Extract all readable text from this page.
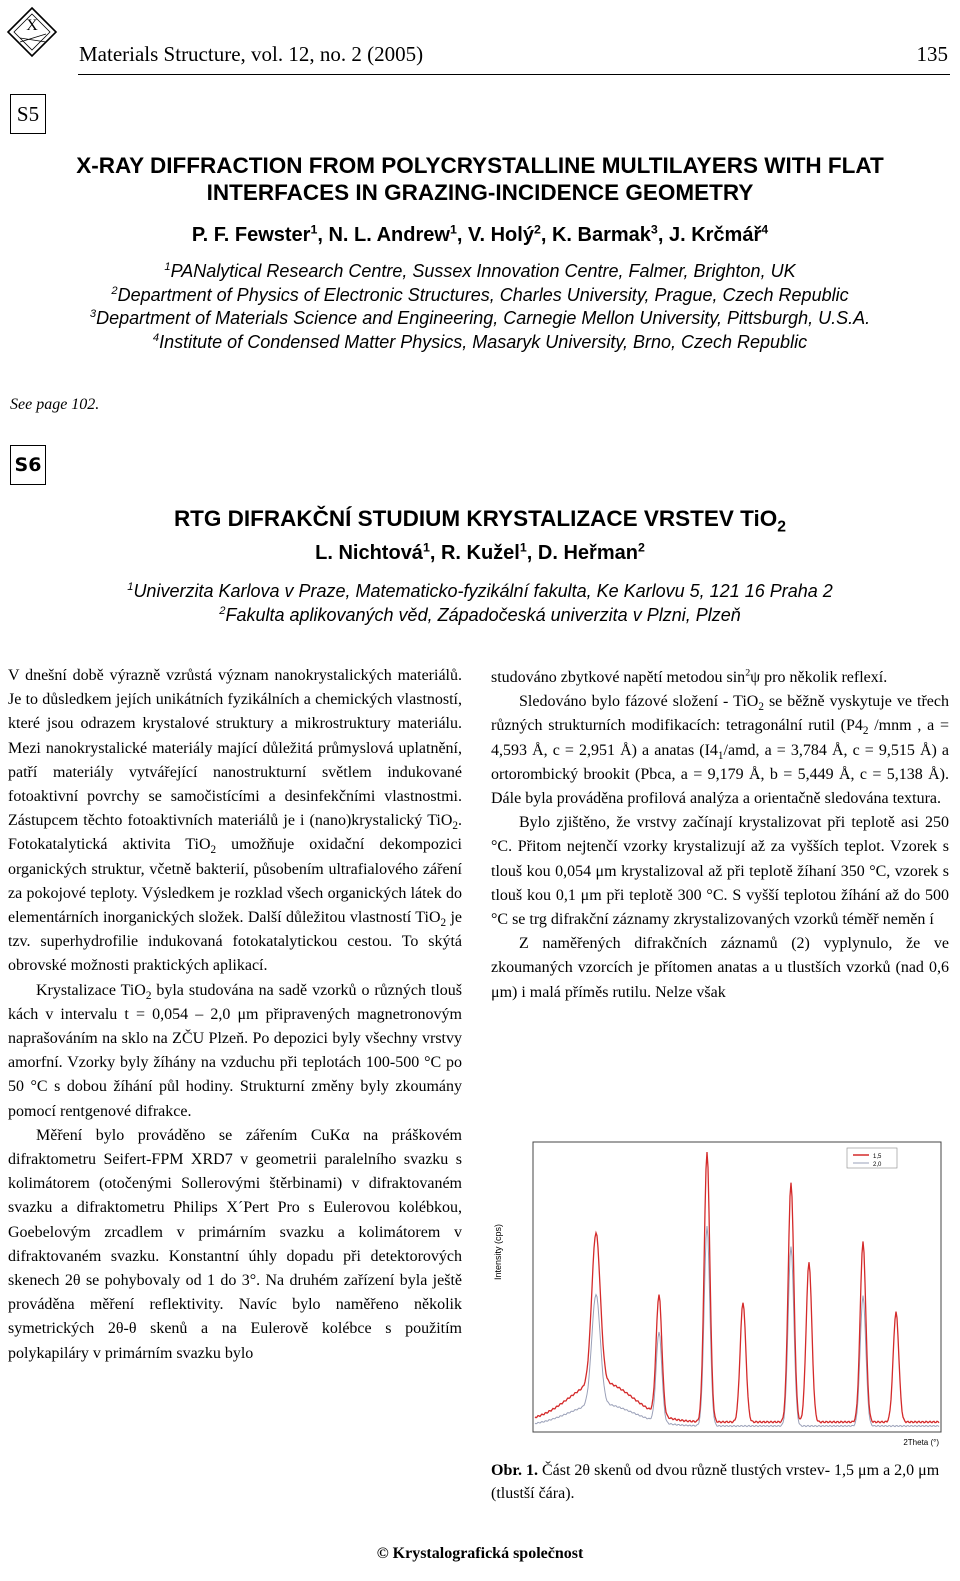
X
Materials Structure, vol. 12, no. 2 (2005)	135
S5
X-RAY DIFFRACTION FROM POLYCRYSTALLINE MULTILAYERS WITH FLAT
INTERFACES IN GRAZING-INCIDENCE GEOMETRY
P. F. Fewster$^1$, N. L. Andrew$^1$, V. Holý$^2$, K. Barmak$^3$, J. Krčmář$^4$
$^1$PANalytical Research Centre, Sussex Innovation Centre, Falmer, Brighton, UK
$^2$Department of Physics of Electronic Structures, Charles University, Prague, Czech Republic
$^3$Department of Materials Science and Engineering, Carnegie Mellon University, Pittsburgh, U.S.A.
$^4$Institute of Condensed Matter Physics, Masaryk University, Brno, Czech Republic
See page 102.
S6
RTG DIFRAKČNÍ STUDIUM KRYSTALIZACE VRSTEV TiO$_2$
L. Nichtová$^1$, R. Kužel$^1$, D. Heřman$^2$
$^1$Univerzita Karlova v Praze, Matematicko-fyzikální fakulta, Ke Karlovu 5, 121 16 Praha 2
$^2$Fakulta aplikovaných věd, Západočeská univerzita v Plzni, Plzeň

V dnešní době výrazně vzrůstá význam nanokrystalických materiálů. Je to důsledkem jejích unikátních fyzikálních a chemických vlastností, které jsou odrazem krystalové struktury a mikrostruktury materiálu. Mezi nanokrystalické materiály mající důležitá průmyslová uplatnění, patří materiály vytvářející nanostrukturní světlem indukované fotoaktivní povrchy se samočistícími a desinfekčními vlastnostmi. Zástupcem těchto fotoaktivních materiálů je i (nano)krystalický TiO$_2$. Fotokatalytická aktivita TiO$_2$ umožňuje oxidační dekompozici organických struktur, včetně bakterií, působením ultrafialového záření za pokojové teploty. Výsledkem je rozklad všech organických látek do elementárních inorganických složek. Další důležitou vlastností TiO$_2$ je tzv. superhydrofilie indukovaná fotokatalytickou cestou. To skýtá obrovské možnosti praktických aplikací.

Krystalizace TiO$_2$ byla studována na sadě vzorků o různých tlouš kách v intervalu t = 0,054 – 2,0 μm připravených magnetronovým naprašováním na sklo na ZČU Plzeň. Po depozici byly všechny vrstvy amorfní. Vzorky byly žíhány na vzduchu při teplotách 100-500 °C po 50 °C s dobou žíhání půl hodiny. Strukturní změny byly zkoumány pomocí rentgenové difrakce.

Měření bylo prováděno se zářením CuKα na práškovém difraktometru Seifert-FPM XRD7 v geometrii paralelního svazku s kolimátorem (otočenými Sollerovými štěrbinami) v difraktovaném svazku a difraktometru Philips X´Pert Pro s Eulerovou kolébkou, Goebelovým zrcadlem v primárním svazku a kolimátorem v difraktovaném svazku. Konstantní úhly dopadu při detektorových skenech 2θ se pohybovaly od 1 do 3°. Na druhém zařízení byla ještě prováděna měření reflektivity. Navíc bylo naměřeno několik symetrických 2θ-θ skenů a na Eulerově kolébce s použitím polykapiláry v primárním svazku bylo

studováno zbytkové napětí metodou $\sin^2\psi$ pro několik reflexí.

Sledováno bylo fázové složení - TiO$_2$ se běžně vyskytuje ve třech různých strukturních modifikacích: tetragonální rutil ($P4_2$ /mnm , a = 4,593 Å, c = 2,951 Å) a anatas ($I4_1$/amd, a = 3,784 Å, c = 9,515 Å) a ortorombický brookit (Pbca, a = 9,179 Å, b = 5,449 Å, c = 5,138 Å). Dále byla prováděna profilová analýza a orientačně sledována textura.

Bylo zjištěno, že vrstvy začínají krystalizovat při teplotě asi 250 °C. Přitom nejtenčí vzorky krystalizují až za vyšších teplot. Vzorek s tlouš kou 0,054 μm krystalizoval až při teplotě žíhaní 350 °C, vzorek s tlouš kou 0,1 μm při teplotě 300 °C. S vyšší teplotou žíhání až do 500 °C se trg difrakční záznamy zkrystalizovaných vzorků téměř neměn í

Z naměřených difrakčních záznamů (2) vyplynulo, že ve zkoumaných vzorcích je přítomen anatas a u tlustších vzorků (nad 0,6 μm) i malá příměs rutilu. Nelze však

Intensity (cps)
2Theta (°)
1,5
2,0
Obr. 1. Část 2θ skenů od dvou různě tlustých vrstev- 1,5 μm a 2,0 μm (tlustší čára).
© Krystalografická společnost
